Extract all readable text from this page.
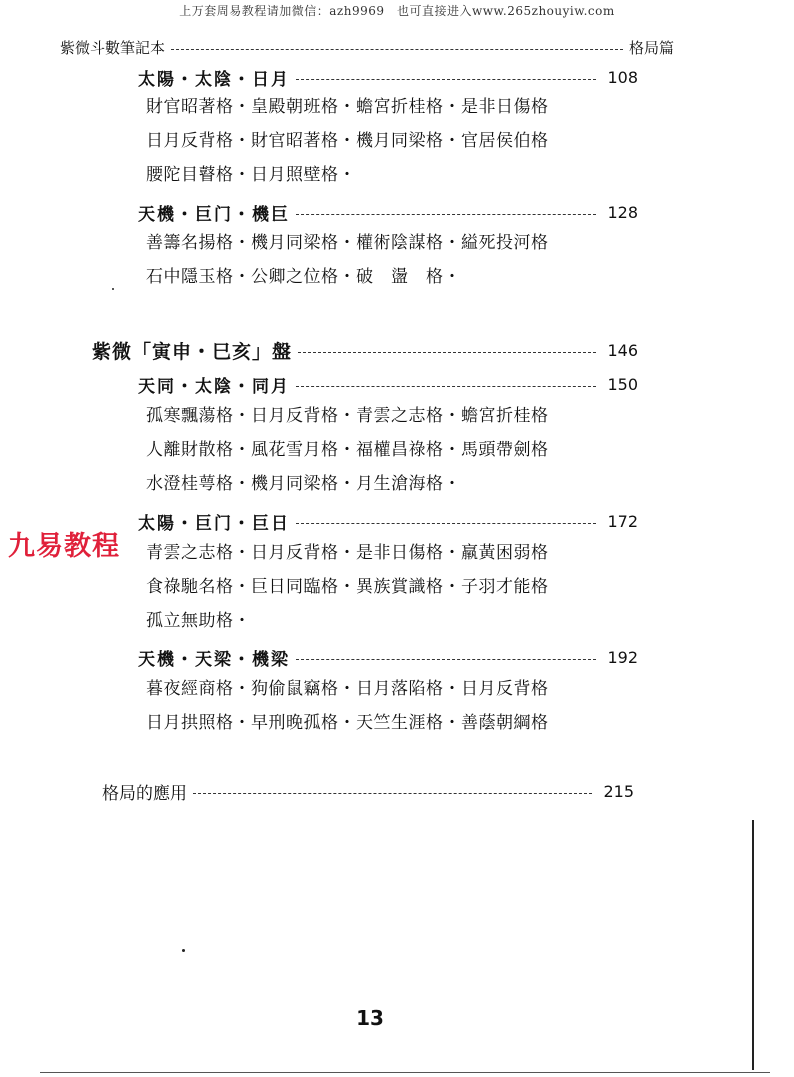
上万套周易教程请加微信：azh9969　也可直接进入www.265zhouyiw.com
紫微斗數筆記本	格局篇
太陽・太陰・日月	108
財官昭著格・皇殿朝班格・蟾宮折桂格・是非日傷格
日月反背格・財官昭著格・機月同梁格・官居侯伯格
腰陀目瞽格・日月照壁格・
天機・巨门・機巨	128
善籌名揚格・機月同梁格・權術陰謀格・縊死投河格
石中隱玉格・公卿之位格・破　盪　格・
紫微「寅申・巳亥」盤	146
天同・太陰・同月	150
孤寒飄蕩格・日月反背格・青雲之志格・蟾宮折桂格
人離財散格・風花雪月格・福權昌祿格・馬頭帶劍格
水澄桂萼格・機月同梁格・月生滄海格・
太陽・巨门・巨日	172
青雲之志格・日月反背格・是非日傷格・羸黃困弱格
食祿馳名格・巨日同臨格・異族賞識格・子羽才能格
孤立無助格・
天機・天梁・機梁	192
暮夜經商格・狗偷鼠竊格・日月落陷格・日月反背格
日月拱照格・早刑晚孤格・天竺生涯格・善蔭朝綱格
格局的應用	215
九易教程
13
